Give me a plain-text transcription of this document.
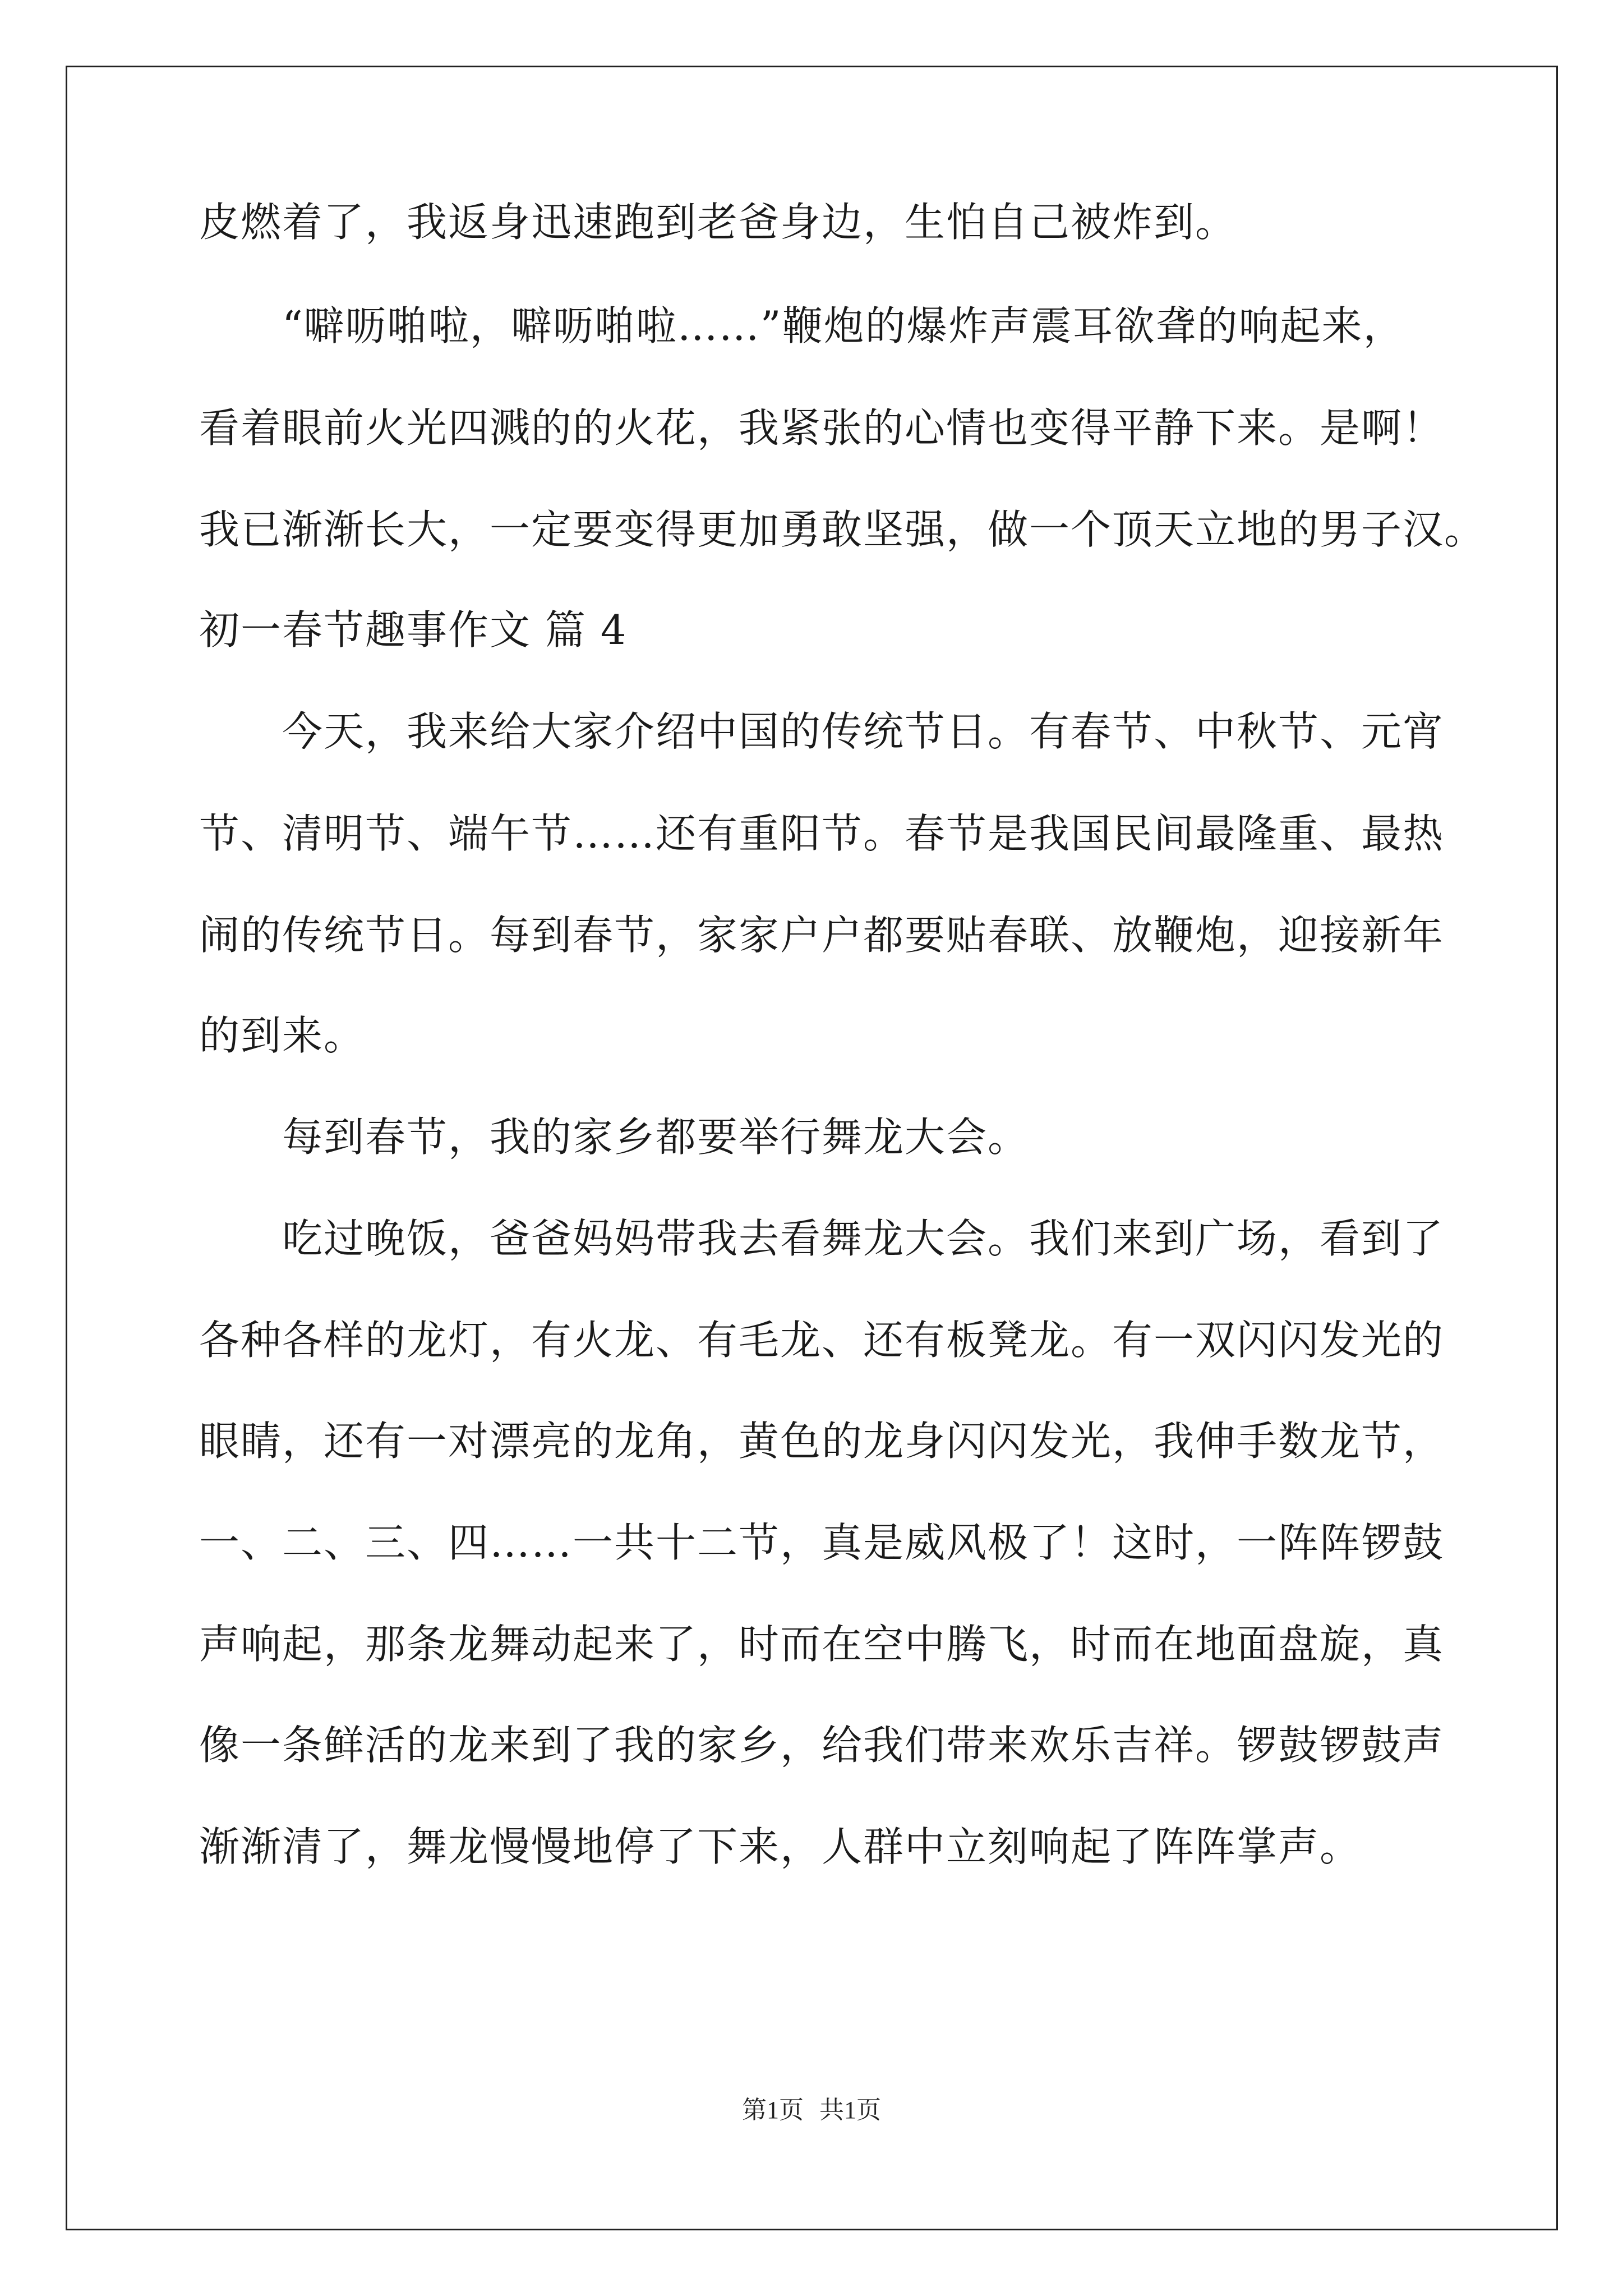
皮燃着了，我返身迅速跑到老爸身边，生怕自己被炸到。

　　“噼呖啪啦，噼呖啪啦……”鞭炮的爆炸声震耳欲聋的响起来，

看着眼前火光四溅的的火花，我紧张的心情也变得平静下来。是啊！

我已渐渐长大，一定要变得更加勇敢坚强，做一个顶天立地的男子汉。

初一春节趣事作文 篇 4

　　今天，我来给大家介绍中国的传统节日。有春节、中秋节、元宵

节、清明节、端午节……还有重阳节。春节是我国民间最隆重、最热

闹的传统节日。每到春节，家家户户都要贴春联、放鞭炮，迎接新年

的到来。

　　每到春节，我的家乡都要举行舞龙大会。

　　吃过晚饭，爸爸妈妈带我去看舞龙大会。我们来到广场，看到了

各种各样的龙灯，有火龙、有毛龙、还有板凳龙。有一双闪闪发光的

眼睛，还有一对漂亮的龙角，黄色的龙身闪闪发光，我伸手数龙节，

一、二、三、四……一共十二节，真是威风极了！这时，一阵阵锣鼓

声响起，那条龙舞动起来了，时而在空中腾飞，时而在地面盘旋，真

像一条鲜活的龙来到了我的家乡，给我们带来欢乐吉祥。锣鼓锣鼓声

渐渐清了，舞龙慢慢地停了下来，人群中立刻响起了阵阵掌声。

第1页 共1页
